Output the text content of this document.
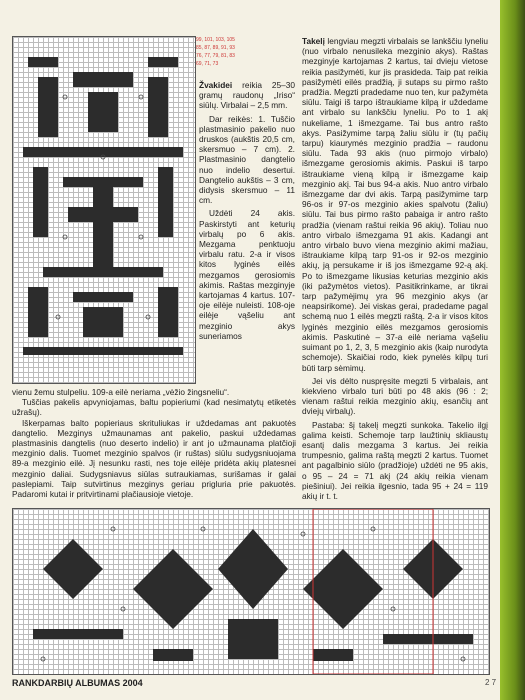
99, 101, 103, 105
85, 87, 89, 91, 93
76, 77, 79, 81, 83
69, 71, 73

Žvakidei reikia 25–30 gramų raudonų „Iriso“ siūlų. Virbalai – 2,5 mm.

Dar reikės: 1. Tuščio plastmasinio pakelio nuo druskos (aukštis 20,5 cm, skersmuo – 7 cm). 2. Plastmasinio dangtelio nuo indelio desertui. Dangtelio aukštis – 3 cm, didysis skersmuo – 11 cm.

Uždėti 24 akis. Paskirstyti ant keturių virbalų po 6 akis. Mezgama penktuoju virbalu ratu. 2-a ir visos kitos lyginės eilės mezgamos gerosiomis akimis. Raštas mezginyje kartojamas 4 kartus. 107-oje eilėje nuleisti. 108-oje eilėje vąšeliu ant mezginio akys suneriamos

vienu žemu stulpeliu. 109-a eilė neriama „vėžio žingsneliu“.

Tuščias pakelis apvyniojamas, baltu popieriumi (kad nesimatytų etiketės užrašų).

Iškerpamas balto popieriaus skrituliukas ir uždedamas ant pakuotės dangtelio. Mezginys užmaunamas ant pakelio, paskui uždedamas plastmasinis dangtelis (nuo deserto indelio) ir ant jo užmaunama platčioji mezginio dalis. Tuomet mezginio spalvos (ir ruštas) siūlu sudygsniuojama 89-a mezginio eilė. Jį nesunku rasti, nes toje eilėje pridėta akių platesnei mezginio daliai. Sudygsniavus siūlas sutraukiamas, surišamas ir galai paslepiami. Taip sutvirtinus mezginys geriau prigluria prie pakuotės. Padaromi kutai ir pritvirtinami plačiausioje vietoje.

Takelį lengviau megzti virbalais se lankščiu lyneliu (nuo virbalo nenusileka mezginio akys). Raštas mezginyje kartojamas 2 kartus, tai dvieju vietose reikia pasižymėti, kur jis prasideda. Taip pat reikia pasižymėti eilės pradžią, ji sutaps su pirmo rašto pradžia. Megzti pradedame nuo ten, kur pažymėta siūlu. Taigi iš tarpo ištraukiame kilpą ir uždedame ant virbalo su lankščiu lyneliu. Po to 1 akį nukeliame, 1 išmezgame. Tai bus antro rašto akys. Pasižymime tarpą žaliu siūlu ir (tų pačių tarpu) kiaurymės mezginio pradžia – raudonu siūlu. Tada 93 akis (nuo pirmojo virbalo) išmezgame gerosiomis akimis. Paskui iš tarpo ištraukiame vieną kilpą ir išmezgame kaip mezginio akį. Tai bus 94-a akis. Nuo antro virbalo išmezgame dar dvi akis. Tarpą pasižymime tarp 96-os ir 97-os mezginio akies spalvotu (žaliu) siūlu. Tai bus pirmo rašto pabaiga ir antro rašto pradžia (vienam raštui reikia 96 akių). Toliau nuo antro virbalo išmezgama 91 akis. Kadangi ant antro virbalo buvo viena mezginio akimi mažiau, ištraukiame kilpą tarp 91-os ir 92-os mezginio akių, ją persukame ir iš jos išmezgame 92-ą akį. Po to išmezgame likusias keturias mezginio akis (iki pažymėtos vietos). Pasitikrinkame, ar tikrai tarp pažymėjimų yra 96 mezginio akys (ar neapsirikome). Jei viskas gerai, pradedame pagal schemą nuo 1 eilės megzti raštą. 2-a ir visos kitos lyginės mezginio eilės mezgamos gerosiomis akimis. Paskutinė – 37-a eilė neriama vąšeliu suimant po 1, 2, 3, 5 mezginio akis (kaip nurodyta schemoje). Skaičiai rodo, kiek pynelės kilpų turi būti tarp sėmimų.

Jei vis dėlto nuspręsite megzti 5 virbalais, ant kiekvieno virbalo turi būti po 48 akis (96 : 2; vienam raštui reikia mezginio akių, esančių ant dviejų virbalų).

Pastaba: šį takelį megzti sunkoka. Takelio ilgį galima keisti. Schemoje tarp laužtinių skliaustų esantį dalis mezgama 3 kartus. Jei reikia trumpesnio, galima raštą megzti 2 kartus. Tuomet ant pagalbinio siūlo (pradžioje) uždėti ne 95 akis, o 95 – 24 = 71 akį (24 akių reikia vienam piešiniui). Jei reikia ilgesnio, tada 95 + 24 = 119 akių ir t. t.

RANKDARBIŲ ALBUMAS 2004	2 7
